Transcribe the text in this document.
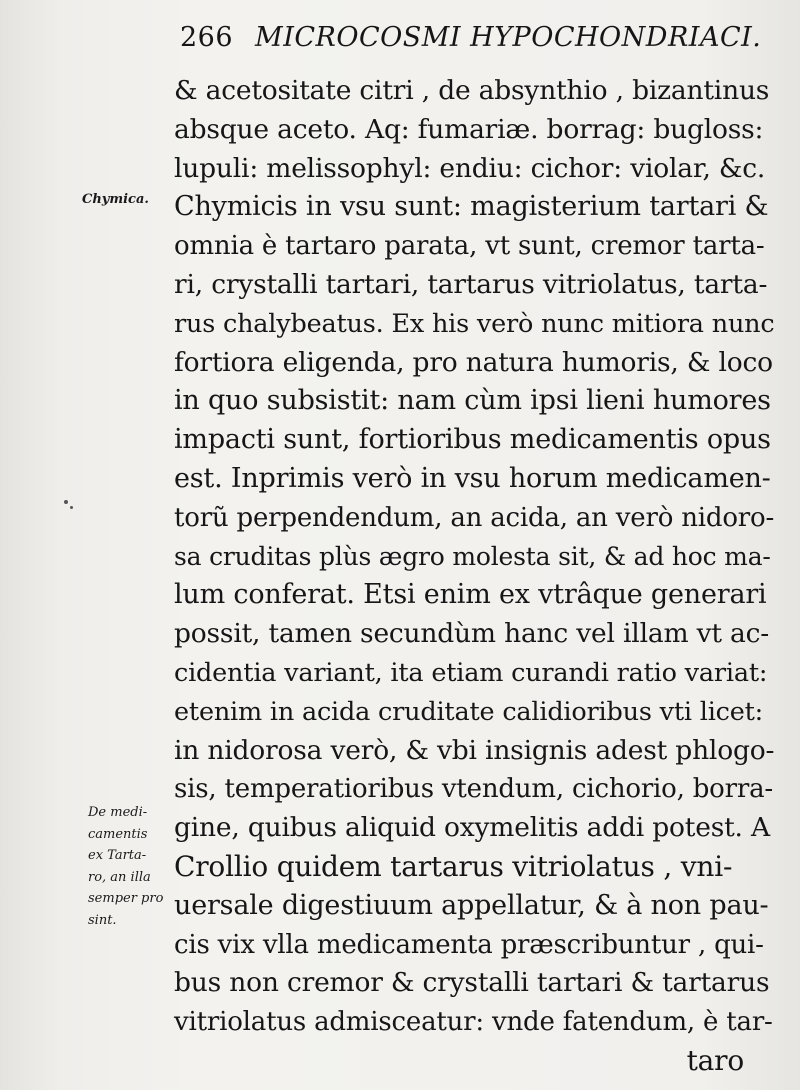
266 MICROCOSMI HYPOCHONDRIACI.
Chymica.
De medi-
camentis
ex Tarta-
ro, an illa
semper pro
sint.
& acetositate citri , de absynthio , bizantinus
absque aceto. Aq: fumariæ. borrag: bugloss:
lupuli: melissophyl: endiu: cichor: violar, &c.
Chymicis in vsu sunt: magisterium tartari &
omnia è tartaro parata, vt sunt, cremor tarta-
ri, crystalli tartari, tartarus vitriolatus, tarta-
rus chalybeatus. Ex his verò nunc mitiora nunc
fortiora eligenda, pro natura humoris, & loco
in quo subsistit: nam cùm ipsi lieni humores
impacti sunt, fortioribus medicamentis opus
est. Inprimis verò in vsu horum medicamen-
torũ perpendendum, an acida, an verò nidoro-
sa cruditas plùs ægro molesta sit, & ad hoc ma-
lum conferat. Etsi enim ex vtrâque generari
possit, tamen secundùm hanc vel illam vt ac-
cidentia variant, ita etiam curandi ratio variat:
etenim in acida cruditate calidioribus vti licet:
in nidorosa verò, & vbi insignis adest phlogo-
sis, temperatioribus vtendum, cichorio, borra-
gine, quibus aliquid oxymelitis addi potest. A
Crollio quidem tartarus vitriolatus , vni-
uersale digestiuum appellatur, & à non pau-
cis vix vlla medicamenta præscribuntur , qui-
bus non cremor & crystalli tartari & tartarus
vitriolatus admisceatur: vnde fatendum, è tar-
taro
